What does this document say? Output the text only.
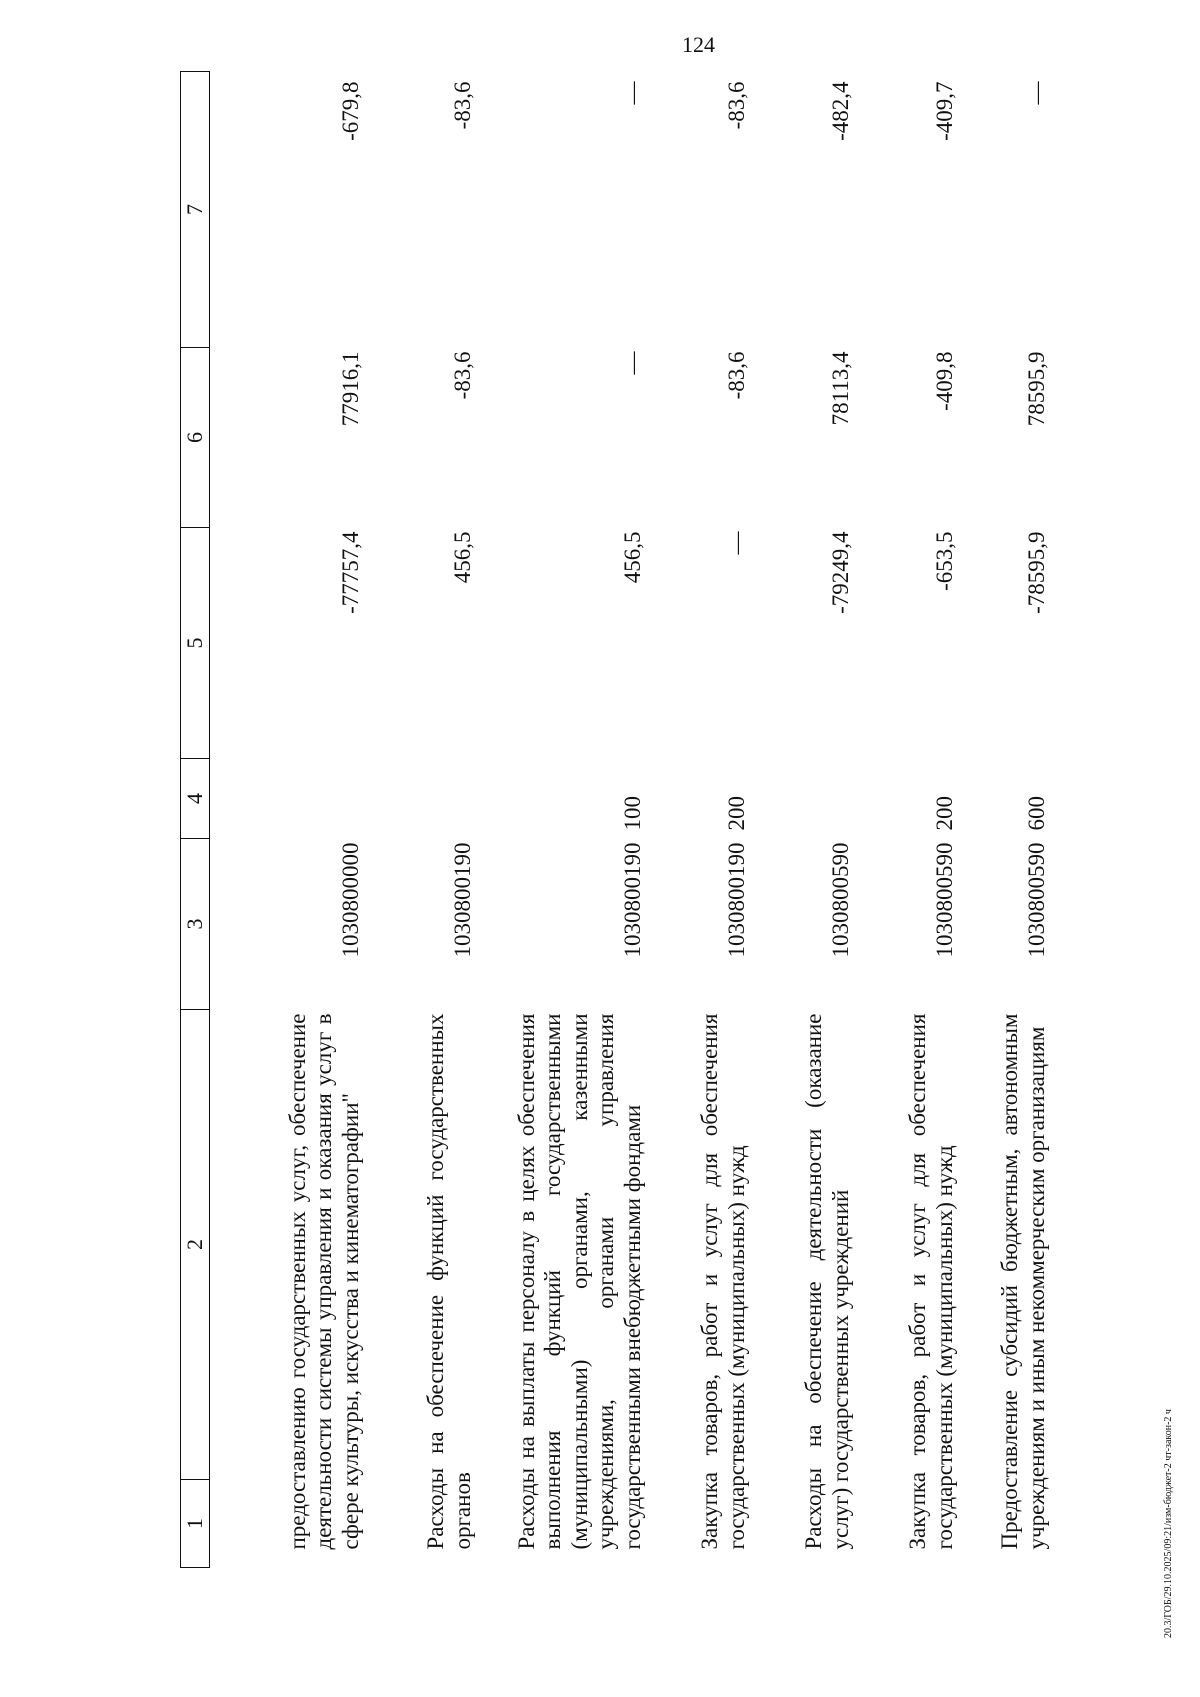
124
1	2	3	4	5	6	7
предоставлению государственных услуг, обеспечение деятельности системы управления и оказания услуг в сфере культуры, искусства и кинематографии"		1030800000		-77757,4	77916,1	-679,8
Расходы на обеспечение функций государственных органов		1030800190		456,5	-83,6	-83,6
Расходы на выплаты персоналу в целях обеспечения выполнения функций государственными (муниципальными) органами, казенными учреждениями, органами управления государственными внебюджетными фондами		1030800190	100	456,5	—	—
Закупка товаров, работ и услуг для обеспечения государственных (муниципальных) нужд		1030800190	200	—	-83,6	-83,6
Расходы на обеспечение деятельности (оказание услуг) государственных учреждений		1030800590		-79249,4	78113,4	-482,4
Закупка товаров, работ и услуг для обеспечения государственных (муниципальных) нужд		1030800590	200	-653,5	-409,8	-409,7
Предоставление субсидий бюджетным, автономным учреждениям и иным некоммерческим организациям		1030800590	600	-78595,9	78595,9	—
20.3/ГОБ/29.10.2025/09:21/изм-бюджет-2 чт-закон-2 ч
